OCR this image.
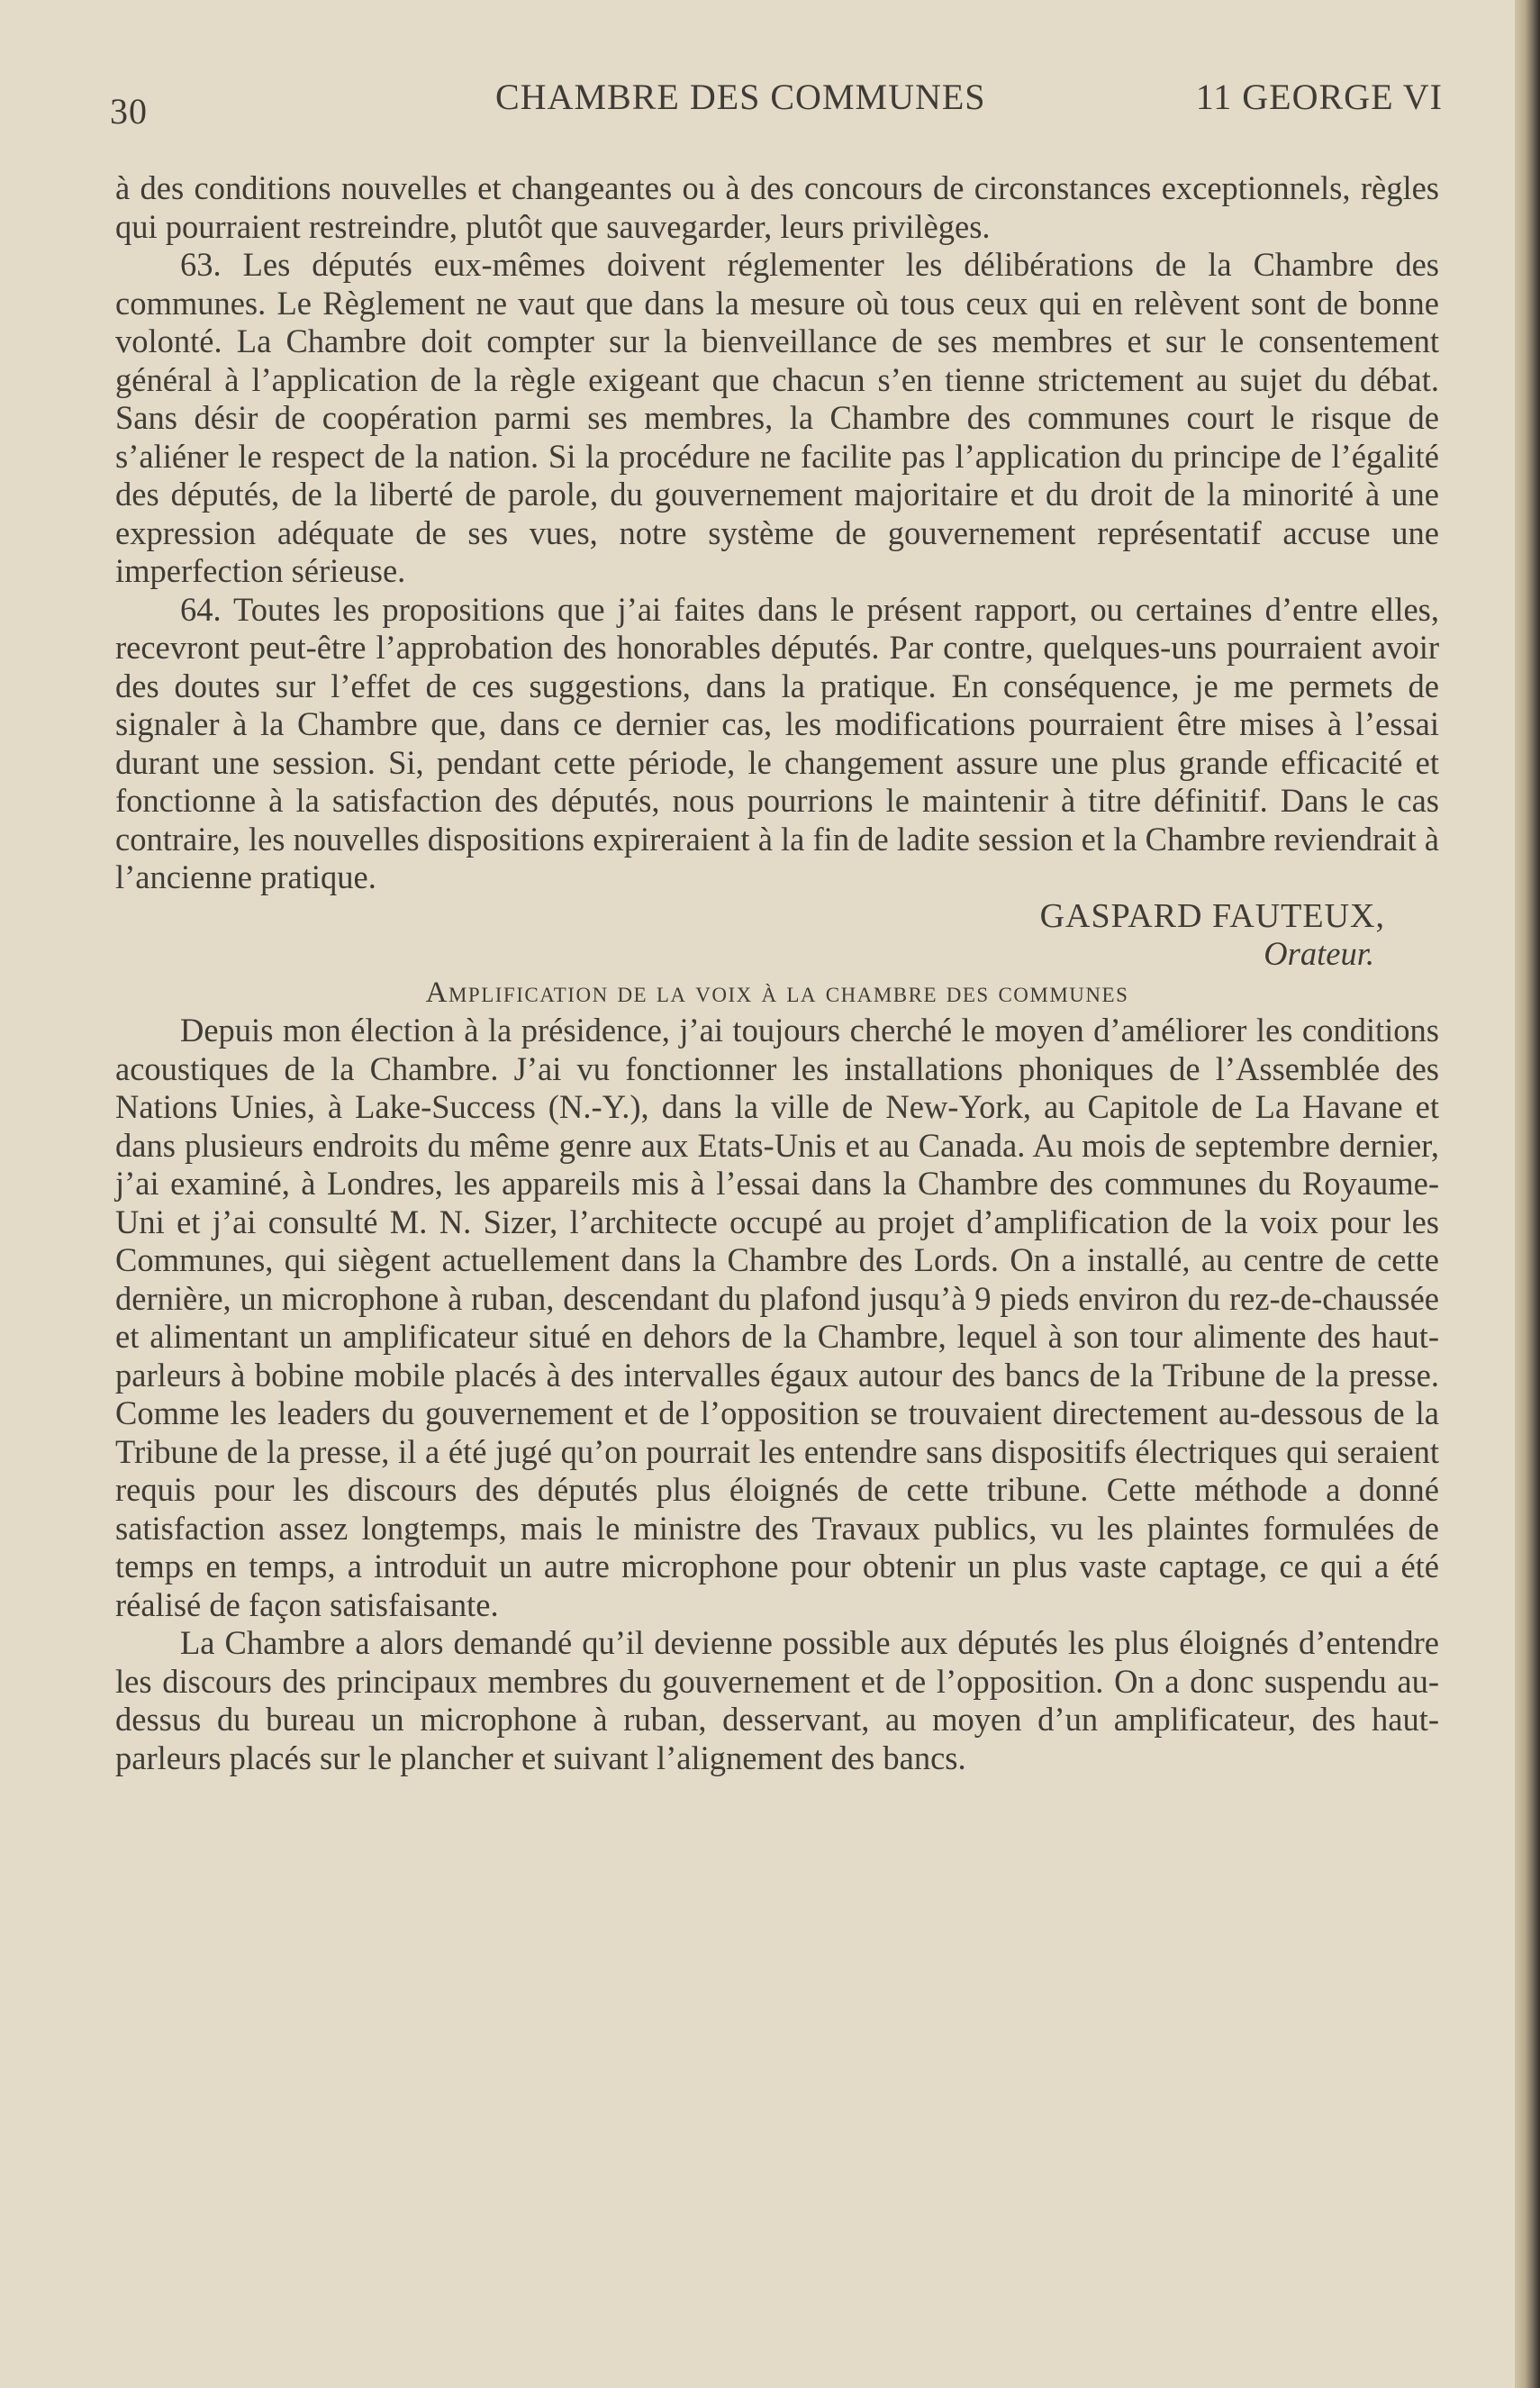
30	CHAMBRE DES COMMUNES	11 GEORGE VI

à des conditions nouvelles et changeantes ou à des concours de circonstances exceptionnels, règles qui pourraient restreindre, plutôt que sauvegarder, leurs privilèges.

63. Les députés eux-mêmes doivent réglementer les délibérations de la Chambre des communes. Le Règlement ne vaut que dans la mesure où tous ceux qui en relèvent sont de bonne volonté. La Chambre doit compter sur la bienveillance de ses membres et sur le consentement général à l’application de la règle exigeant que chacun s’en tienne strictement au sujet du débat. Sans désir de coopération parmi ses membres, la Chambre des communes court le risque de s’aliéner le respect de la nation. Si la procédure ne facilite pas l’application du principe de l’égalité des députés, de la liberté de parole, du gouvernement majoritaire et du droit de la minorité à une expression adéquate de ses vues, notre système de gouvernement représentatif accuse une imperfection sérieuse.

64. Toutes les propositions que j’ai faites dans le présent rapport, ou certaines d’entre elles, recevront peut-être l’approbation des honorables députés. Par contre, quelques-uns pourraient avoir des doutes sur l’effet de ces suggestions, dans la pratique. En conséquence, je me permets de signaler à la Chambre que, dans ce dernier cas, les modifications pourraient être mises à l’essai durant une session. Si, pendant cette période, le changement assure une plus grande efficacité et fonctionne à la satisfaction des députés, nous pourrions le maintenir à titre définitif. Dans le cas contraire, les nouvelles dispositions expireraient à la fin de ladite session et la Chambre reviendrait à l’ancienne pratique.

GASPARD FAUTEUX,

Orateur.

Amplification de la voix à la chambre des communes

Depuis mon élection à la présidence, j’ai toujours cherché le moyen d’améliorer les conditions acoustiques de la Chambre. J’ai vu fonctionner les installations phoniques de l’Assemblée des Nations Unies, à Lake-Success (N.-Y.), dans la ville de New-York, au Capitole de La Havane et dans plusieurs endroits du même genre aux Etats-Unis et au Canada. Au mois de septembre dernier, j’ai examiné, à Londres, les appareils mis à l’essai dans la Chambre des communes du Royaume-Uni et j’ai consulté M. N. Sizer, l’architecte occupé au projet d’amplification de la voix pour les Communes, qui siègent actuellement dans la Chambre des Lords. On a installé, au centre de cette dernière, un microphone à ruban, descendant du plafond jusqu’à 9 pieds environ du rez-de-chaussée et alimentant un amplificateur situé en dehors de la Chambre, lequel à son tour alimente des haut-parleurs à bobine mobile placés à des intervalles égaux autour des bancs de la Tribune de la presse. Comme les leaders du gouvernement et de l’opposition se trouvaient directement au-dessous de la Tribune de la presse, il a été jugé qu’on pourrait les entendre sans dispositifs électriques qui seraient requis pour les discours des députés plus éloignés de cette tribune. Cette méthode a donné satisfaction assez longtemps, mais le ministre des Travaux publics, vu les plaintes formulées de temps en temps, a introduit un autre microphone pour obtenir un plus vaste captage, ce qui a été réalisé de façon satisfaisante.

La Chambre a alors demandé qu’il devienne possible aux députés les plus éloignés d’entendre les discours des principaux membres du gouvernement et de l’opposition. On a donc suspendu au-dessus du bureau un microphone à ruban, desservant, au moyen d’un amplificateur, des haut-parleurs placés sur le plancher et suivant l’alignement des bancs.
